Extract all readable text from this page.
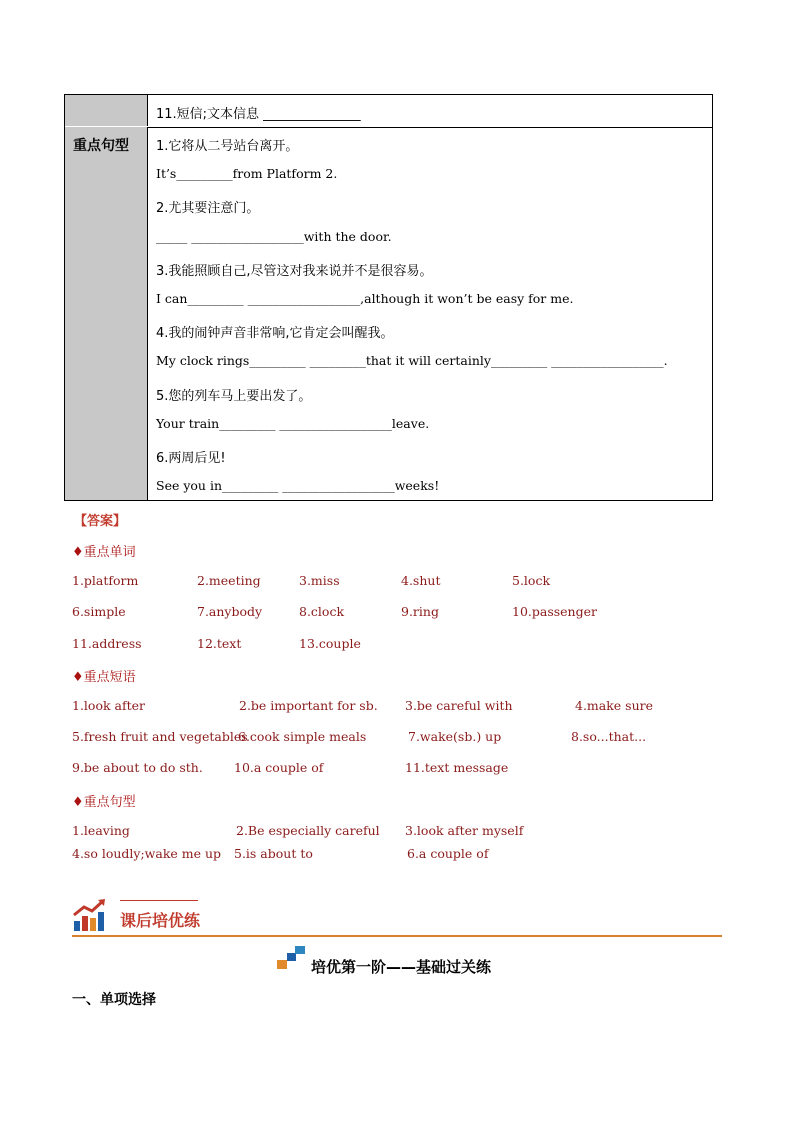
11.短信;文本信息 _______________
重点句型 1.它将从二号站台离开。
It’s_________from Platform 2.
2.尤其要注意门。
_____ __________________with the door.
3.我能照顾自己,尽管这对我来说并不是很容易。
I can_________ __________________,although it won’t be easy for me.
4.我的闹钟声音非常响,它肯定会叫醒我。
My clock rings_________ _________that it will certainly_________ __________________.
5.您的列车马上要出发了。
Your train_________ __________________leave.
6.两周后见!
See you in_________ __________________weeks!
【答案】
♦重点单词
1.platform	2.meeting	3.miss	4.shut	5.lock
6.simple	7.anybody	8.clock	9.ring	10.passenger
11.address	12.text	13.couple
♦重点短语
1.look after	2.be important for sb. 3.be careful with	4.make sure
5.fresh fruit and vegetables
6.cook simple meals	7.wake(sb.) up	8.so...that...
9.be about to do sth. 10.a couple of	11.text message
♦重点句型
1.leaving	2.Be especially careful 3.look after myself
4.so loudly;wake me up 5.is about to	6.a couple of
课后培优练
培优第一阶——基础过关练
一、单项选择
